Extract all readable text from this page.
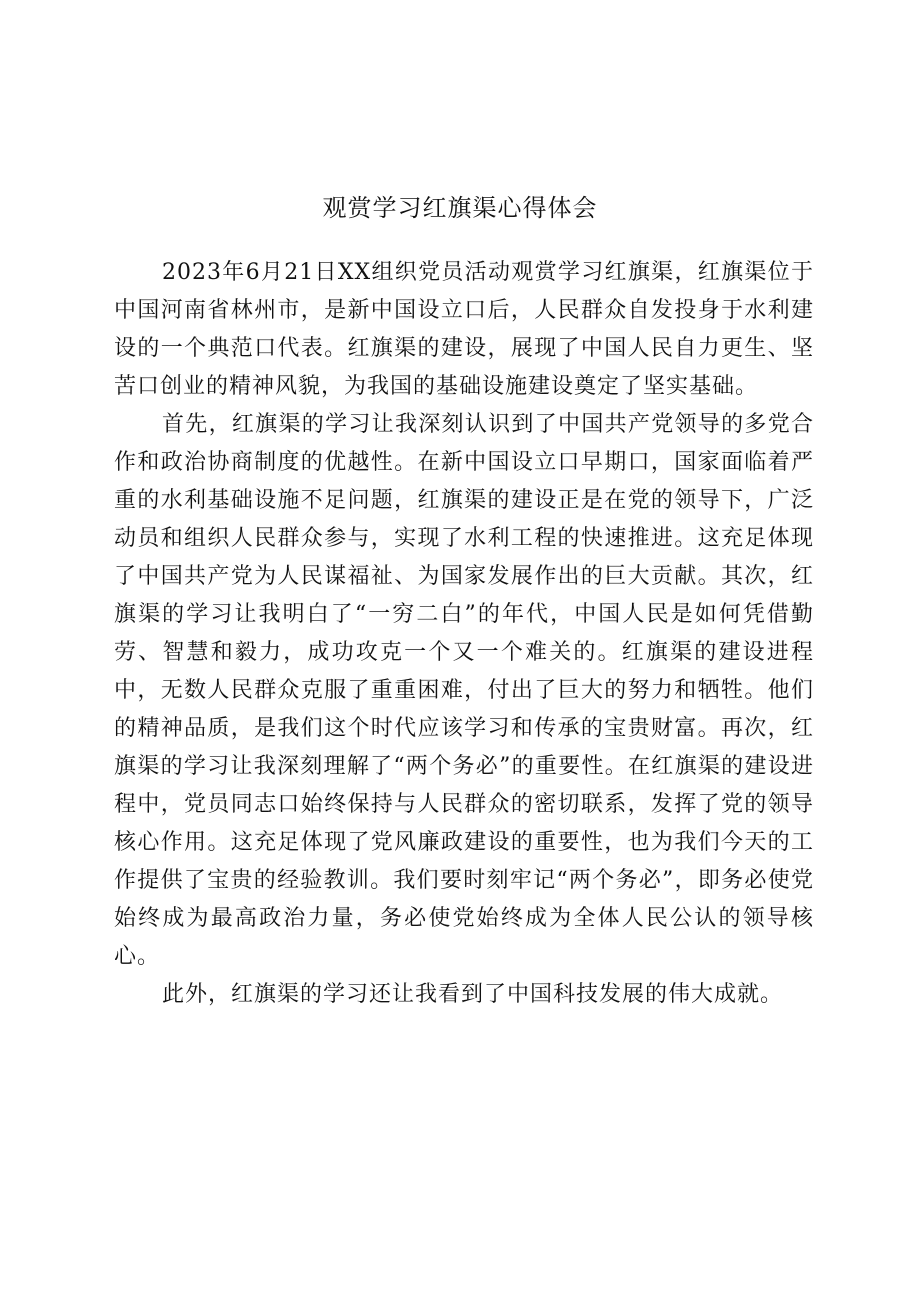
观赏学习红旗渠心得体会

2023年6月21日XX组织党员活动观赏学习红旗渠，红旗渠位于中国河南省林州市，是新中国设立口后，人民群众自发投身于水利建设的一个典范口代表。红旗渠的建设，展现了中国人民自力更生、坚苦口创业的精神风貌，为我国的基础设施建设奠定了坚实基础。

首先，红旗渠的学习让我深刻认识到了中国共产党领导的多党合作和政治协商制度的优越性。在新中国设立口早期口，国家面临着严重的水利基础设施不足问题，红旗渠的建设正是在党的领导下，广泛动员和组织人民群众参与，实现了水利工程的快速推进。这充足体现了中国共产党为人民谋福祉、为国家发展作出的巨大贡献。其次，红旗渠的学习让我明白了“一穷二白”的年代，中国人民是如何凭借勤劳、智慧和毅力，成功攻克一个又一个难关的。红旗渠的建设进程中，无数人民群众克服了重重困难，付出了巨大的努力和牺牲。他们的精神品质，是我们这个时代应该学习和传承的宝贵财富。再次，红旗渠的学习让我深刻理解了“两个务必”的重要性。在红旗渠的建设进程中，党员同志口始终保持与人民群众的密切联系，发挥了党的领导核心作用。这充足体现了党风廉政建设的重要性，也为我们今天的工作提供了宝贵的经验教训。我们要时刻牢记“两个务必”，即务必使党始终成为最高政治力量，务必使党始终成为全体人民公认的领导核心。

此外，红旗渠的学习还让我看到了中国科技发展的伟大成就。
